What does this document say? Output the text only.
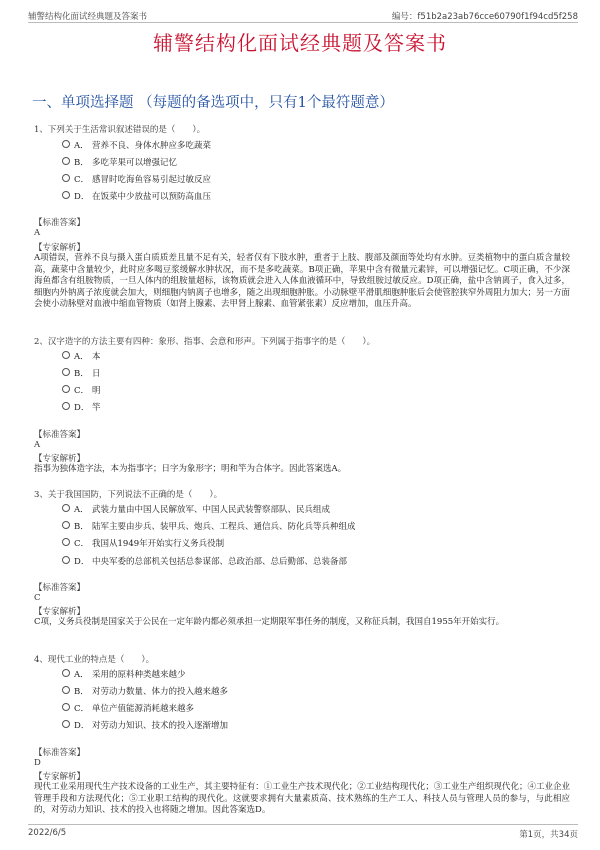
辅警结构化面试经典题及答案书	编号：f51b2a23ab76cce60790f1f94cd5f258
辅警结构化面试经典题及答案书
一、单项选择题 （每题的备选项中，只有1个最符题意）
1、下列关于生活常识叙述错误的是（　　）。
A． 营养不良、身体水肿应多吃蔬菜
B． 多吃苹果可以增强记忆
C． 感冒时吃海鱼容易引起过敏反应
D． 在饭菜中少放盐可以预防高血压
【标准答案】
A
【专家解析】

A项错误，营养不良与摄入蛋白质质差且量不足有关，轻者仅有下肢水肿，重者于上肢、腹部及颜面等处均有水肿。豆类植物中的蛋白质含量较高，蔬菜中含量较少，此时应多喝豆浆缓解水肿状况，而不是多吃蔬菜。B项正确，苹果中含有微量元素锌，可以增强记忆。C项正确，不少深海鱼都含有组胺物质，一旦人体内的组胺量超标，该物质就会进入人体血液循环中，导致组胺过敏反应。D项正确，盐中含钠离子，食入过多，细胞内外钠离子浓度就会加大，则细胞内钠离子也增多，随之出现细胞肿胀。小动脉壁平滑肌细胞肿胀后会使管腔狭窄外周阻力加大；另一方面会使小动脉壁对血液中缩血管物质（如肾上腺素、去甲肾上腺素、血管紧张素）反应增加，血压升高。

2、汉字造字的方法主要有四种：象形、指事、会意和形声。下列属于指事字的是（　　）。
A． 本
B． 日
C． 明
D． 竿
【标准答案】
A
【专家解析】

指事为独体造字法，本为指事字；日字为象形字；明和竿为合体字。因此答案选A。

3、关于我国国防，下列说法不正确的是（　　）。
A． 武装力量由中国人民解放军、中国人民武装警察部队、民兵组成
B． 陆军主要由步兵、装甲兵、炮兵、工程兵、通信兵、防化兵等兵种组成
C． 我国从1949年开始实行义务兵役制
D． 中央军委的总部机关包括总参谋部、总政治部、总后勤部、总装备部
【标准答案】
C
【专家解析】

C项，义务兵役制是国家关于公民在一定年龄内都必须承担一定期限军事任务的制度，又称征兵制，我国自1955年开始实行。

4、现代工业的特点是（　　）。
A． 采用的原料种类越来越少
B． 对劳动力数量、体力的投入越来越多
C． 单位产值能源消耗越来越多
D． 对劳动力知识、技术的投入逐渐增加
【标准答案】
D
【专家解析】

现代工业采用现代生产技术设备的工业生产，其主要特征有：①工业生产技术现代化；②工业结构现代化；③工业生产组织现代化；④工业企业管理手段和方法现代化；⑤工业职工结构的现代化。这就要求拥有大量素质高、技术熟练的生产工人、科技人员与管理人员的参与，与此相应的，对劳动力知识、技术的投入也将随之增加。因此答案选D。

2022/6/5	第1页，共34页
